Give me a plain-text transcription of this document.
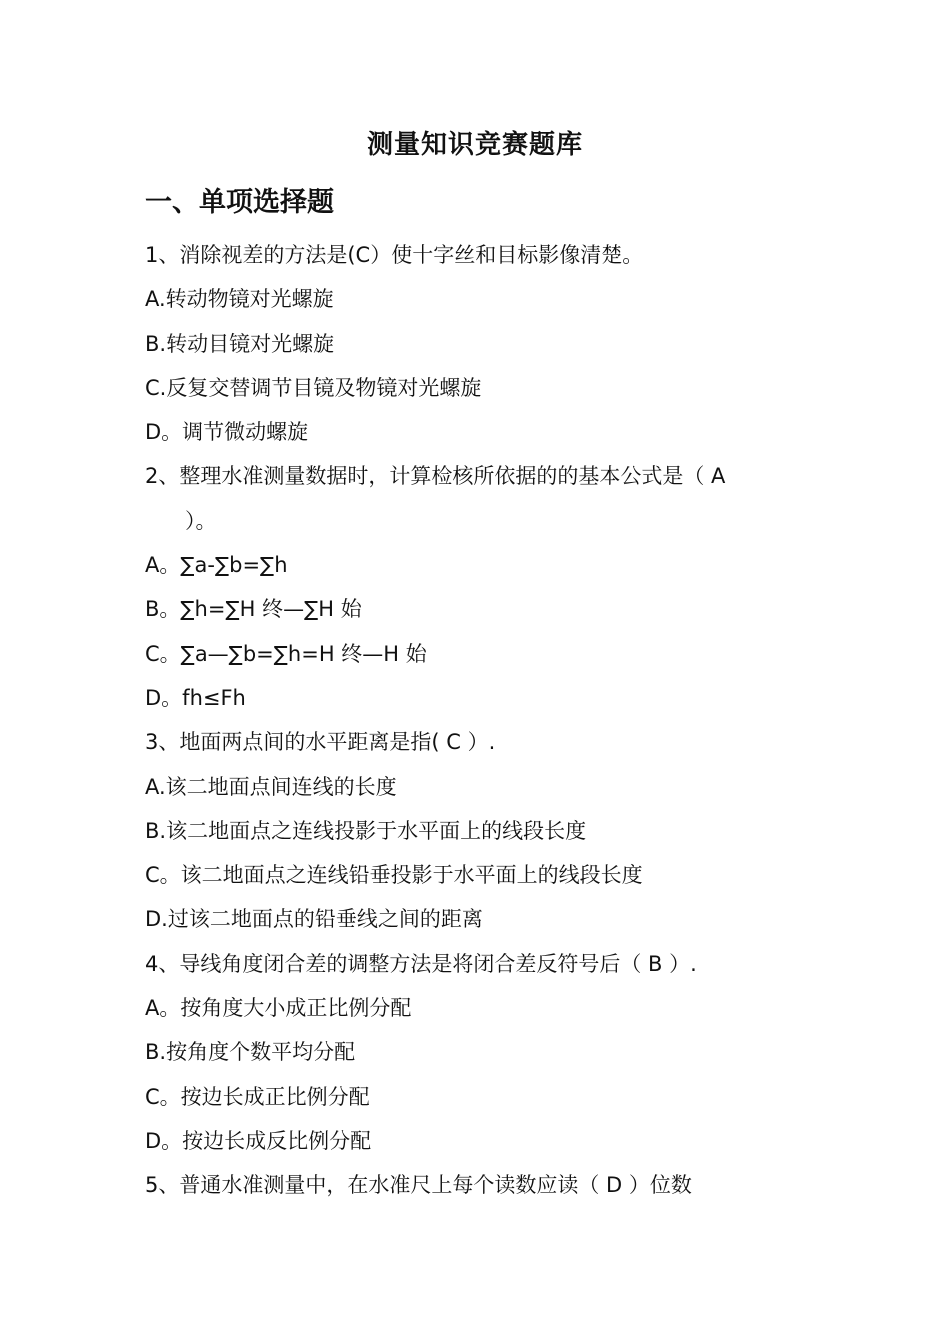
测量知识竞赛题库
一、单项选择题
1、消除视差的方法是(C）使十字丝和目标影像清楚。
A.转动物镜对光螺旋
B.转动目镜对光螺旋
C.反复交替调节目镜及物镜对光螺旋
D。调节微动螺旋
2、整理水准测量数据时，计算检核所依据的的基本公式是（ A
）。
A。∑a-∑b=∑h
B。∑h=∑H 终—∑H 始
C。∑a—∑b=∑h=H 终—H 始
D。fh≤Fh
3、地面两点间的水平距离是指( C ）.
A.该二地面点间连线的长度
B.该二地面点之连线投影于水平面上的线段长度
C。该二地面点之连线铅垂投影于水平面上的线段长度
D.过该二地面点的铅垂线之间的距离
4、导线角度闭合差的调整方法是将闭合差反符号后（ B ）.
A。按角度大小成正比例分配
B.按角度个数平均分配
C。按边长成正比例分配
D。按边长成反比例分配
5、普通水准测量中，在水准尺上每个读数应读（ D ）位数
